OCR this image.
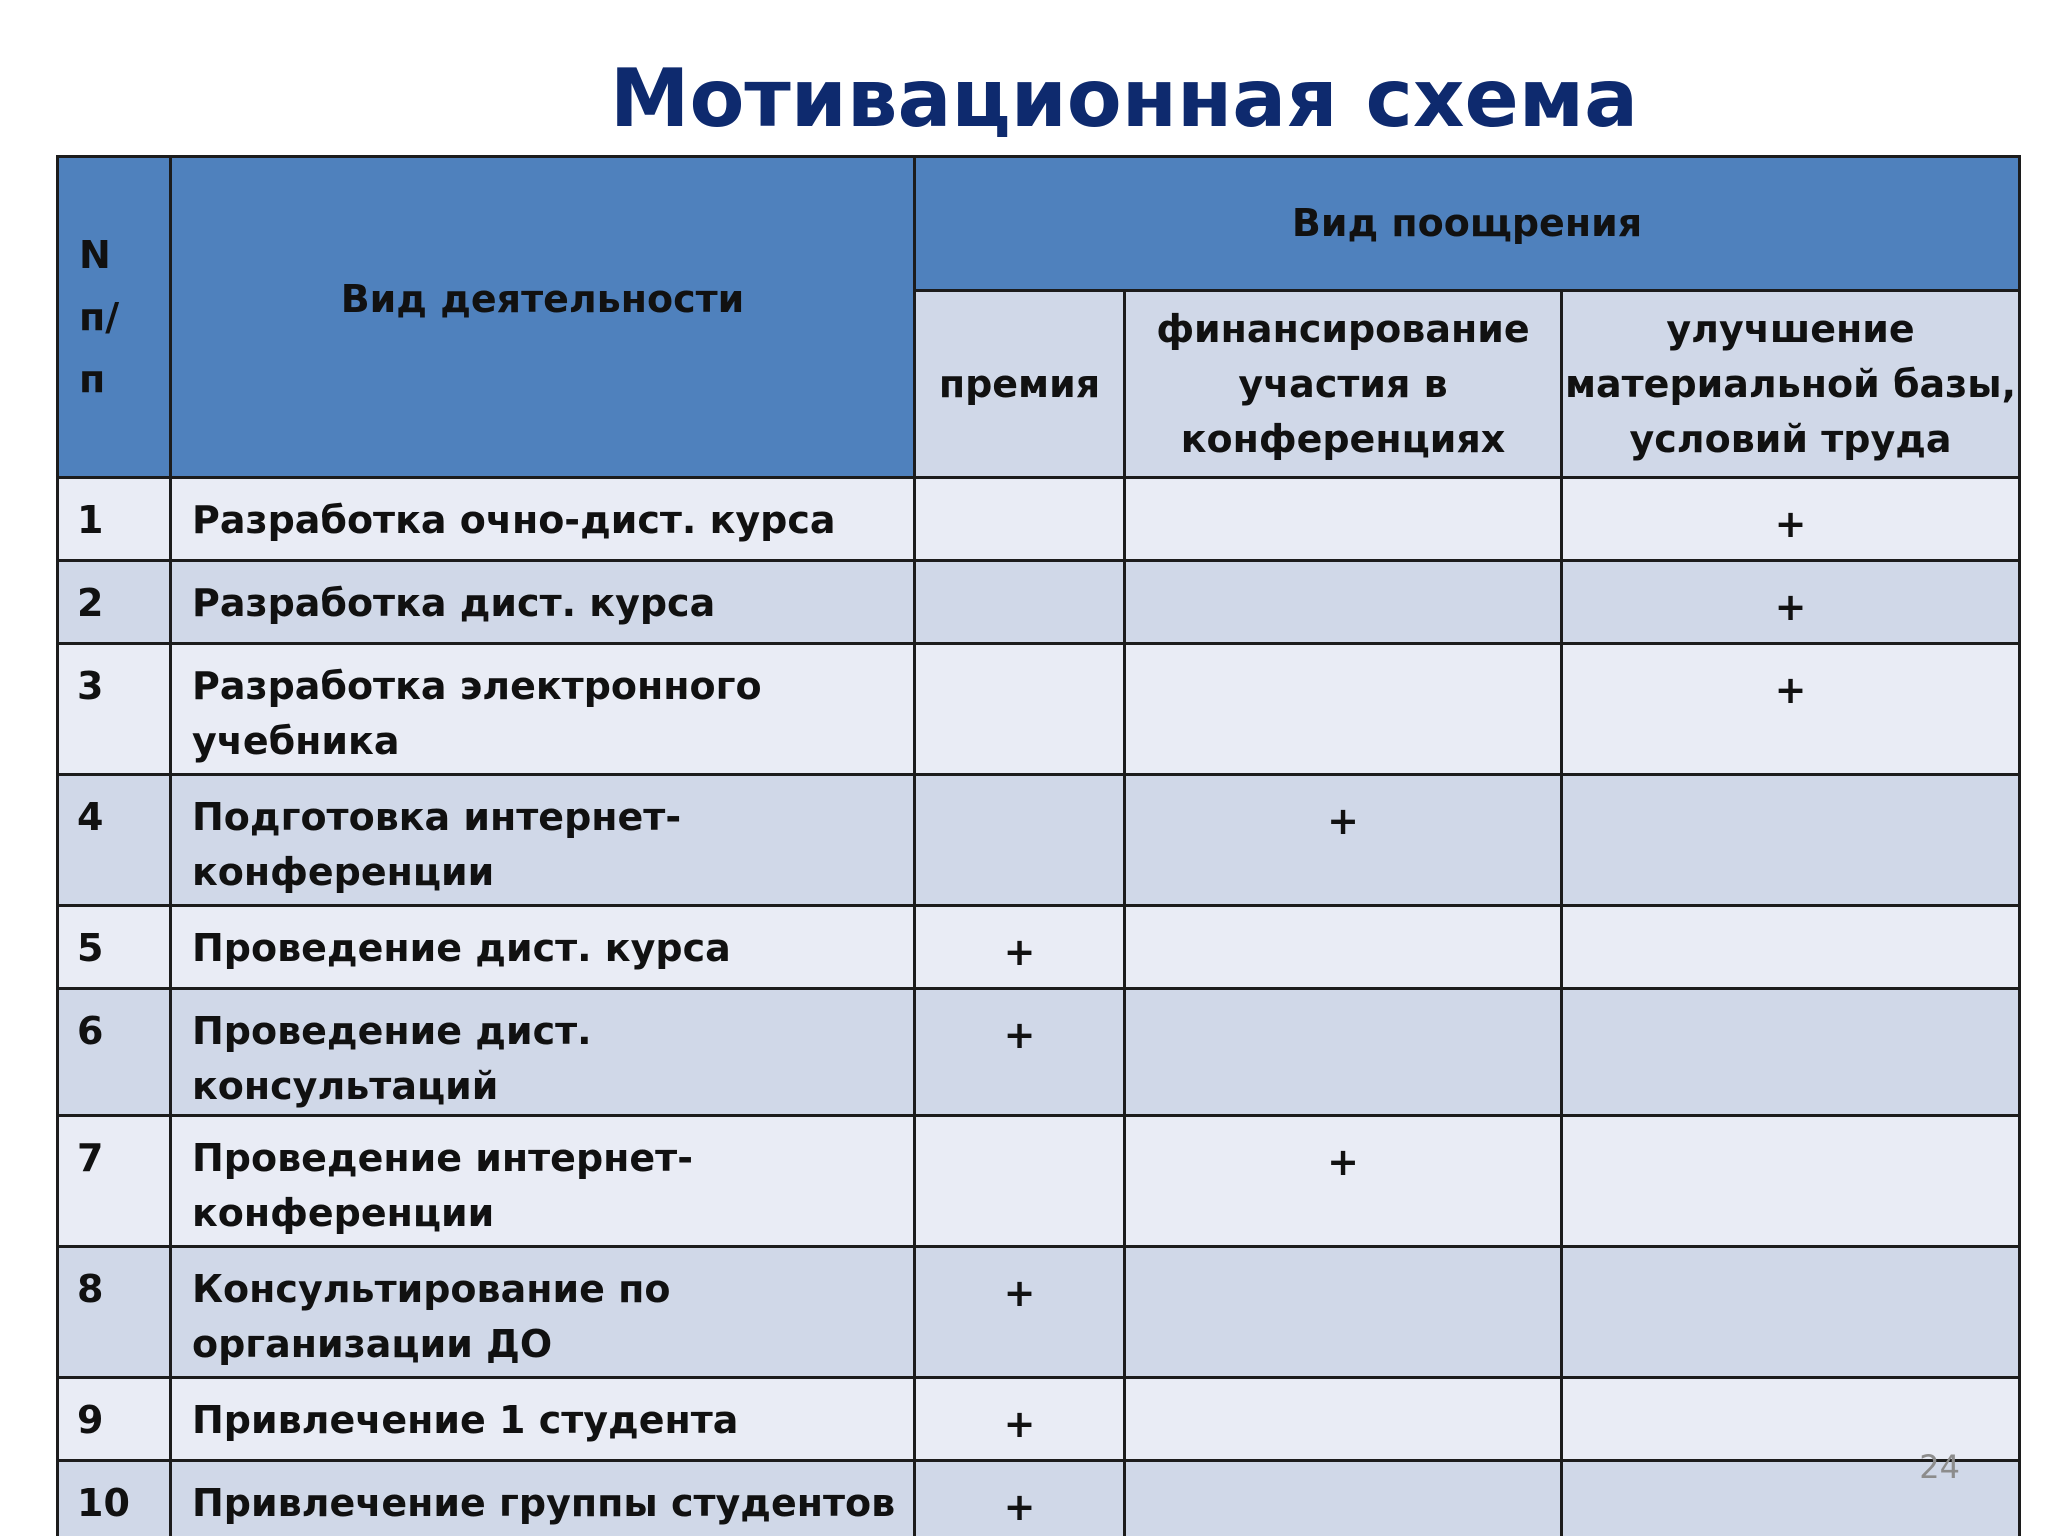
Мотивационная схема
N
п/
п	Вид деятельности	Вид поощрения		
		премия	финансирование участия в конференциях	улучшение материальной базы, условий труда
1	Разработка очно-дист. курса			+
2	Разработка дист. курса			+
3	Разработка электронного учебника			+
4	Подготовка интернет-конференции		+	
5	Проведение дист. курса	+		
6	Проведение дист. консультаций	+		
7	Проведение интернет-конференции		+	
8	Консультирование по организации ДО	+		
9	Привлечение 1 студента	+		
10	Привлечение группы студентов	+		
24
